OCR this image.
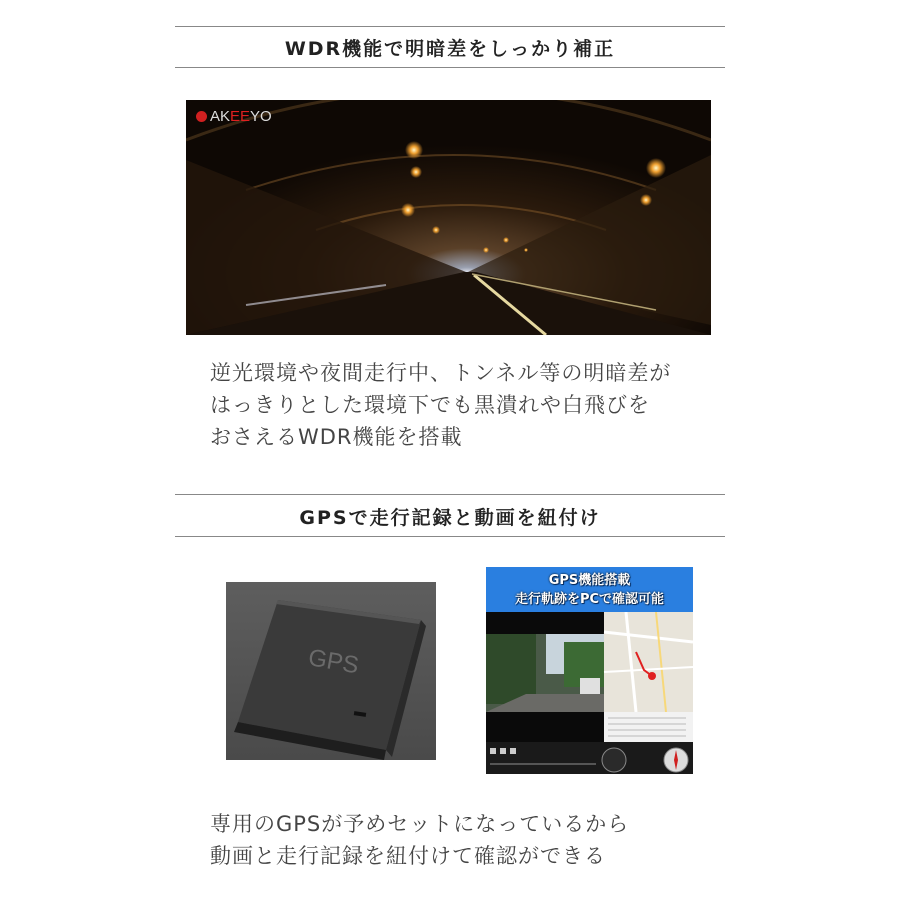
WDR機能で明暗差をしっかり補正
AKEEYO
逆光環境や夜間走行中、トンネル等の明暗差が
はっきりとした環境下でも黒潰れや白飛びを
おさえるWDR機能を搭載
GPSで走行記録と動画を紐付け
GPS
GPS機能搭載
走行軌跡をPCで確認可能
専用のGPSが予めセットになっているから
動画と走行記録を紐付けて確認ができる
